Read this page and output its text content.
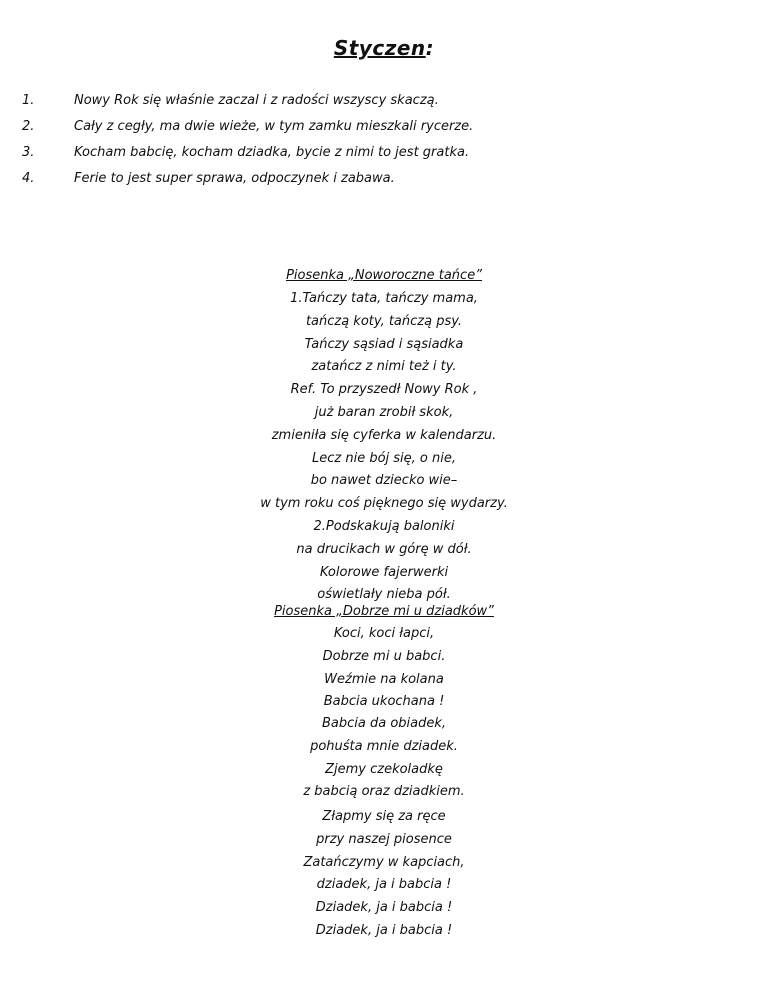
Styczen:
1.	Nowy Rok się właśnie zaczal i z radości wszyscy skaczą.
2.	Cały z cegły, ma dwie wieże, w tym zamku mieszkali rycerze.
3.	Kocham babcię, kocham dziadka, bycie z nimi to jest gratka.
4.	Ferie to jest super sprawa, odpoczynek i zabawa.
Piosenka „Noworoczne tańce”
1.Tańczy tata, tańczy mama,
tańczą koty, tańczą psy.
Tańczy sąsiad i sąsiadka
zatańcz z nimi też i ty.
Ref. To przyszedł Nowy Rok ,
już baran zrobił skok,
zmieniła się cyferka w kalendarzu.
Lecz nie bój się, o nie,
bo nawet dziecko wie–
w tym roku coś pięknego się wydarzy.
2.Podskakują baloniki
na drucikach w górę w dół.
Kolorowe fajerwerki
oświetlały nieba pół.
Piosenka „Dobrze mi u dziadków”
Koci, koci łapci,
Dobrze mi u babci.
Weźmie na kolana
Babcia ukochana !
Babcia da obiadek,
pohuśta mnie dziadek.
Zjemy czekoladkę
z babcią oraz dziadkiem.
Złapmy się za ręce
przy naszej piosence
Zatańczymy w kapciach,
dziadek, ja i babcia !
Dziadek, ja i babcia !
Dziadek, ja i babcia !
